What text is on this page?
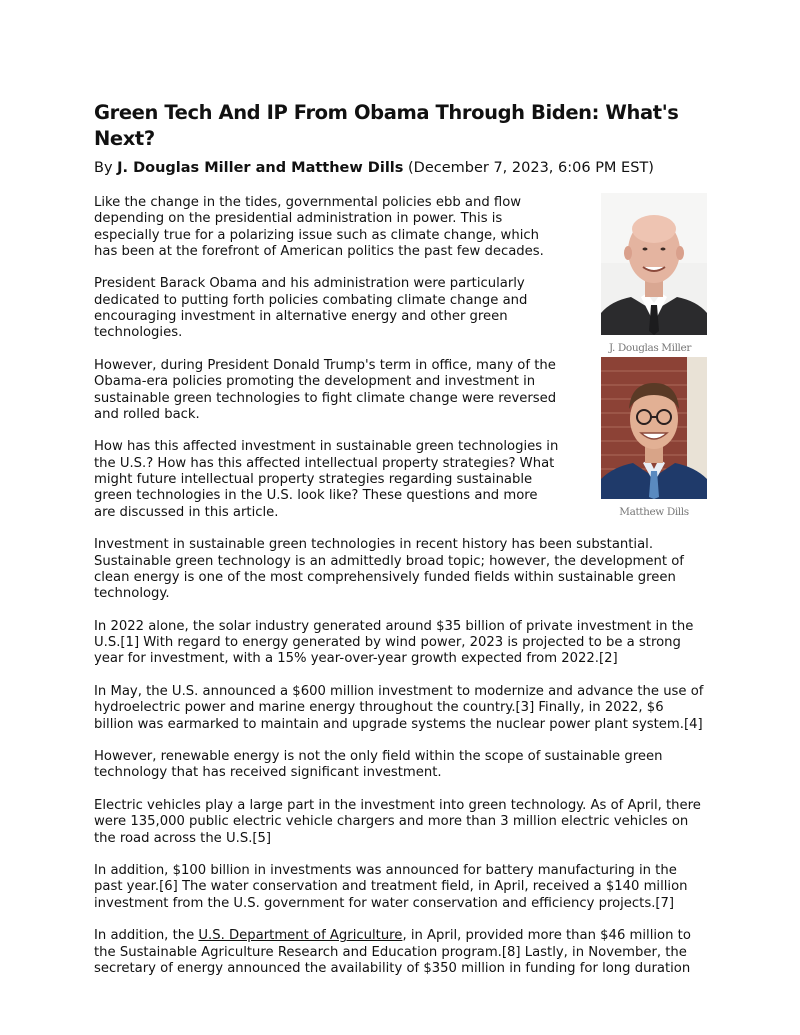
Green Tech And IP From Obama Through Biden: What's Next?
By J. Douglas Miller and Matthew Dills (December 7, 2023, 6:06 PM EST)
J. Douglas Miller
Matthew Dills

Like the change in the tides, governmental policies ebb and flow depending on the presidential administration in power. This is especially true for a polarizing issue such as climate change, which has been at the forefront of American politics the past few decades.

President Barack Obama and his administration were particularly dedicated to putting forth policies combating climate change and encouraging investment in alternative energy and other green technologies.

However, during President Donald Trump's term in office, many of the Obama-era policies promoting the development and investment in sustainable green technologies to fight climate change were reversed and rolled back.

How has this affected investment in sustainable green technologies in the U.S.? How has this affected intellectual property strategies? What might future intellectual property strategies regarding sustainable green technologies in the U.S. look like? These questions and more are discussed in this article.

Investment in sustainable green technologies in recent history has been substantial. Sustainable green technology is an admittedly broad topic; however, the development of clean energy is one of the most comprehensively funded fields within sustainable green technology.

In 2022 alone, the solar industry generated around $35 billion of private investment in the U.S.[1] With regard to energy generated by wind power, 2023 is projected to be a strong year for investment, with a 15% year-over-year growth expected from 2022.[2]

In May, the U.S. announced a $600 million investment to modernize and advance the use of hydroelectric power and marine energy throughout the country.[3] Finally, in 2022, $6 billion was earmarked to maintain and upgrade systems the nuclear power plant system.[4]

However, renewable energy is not the only field within the scope of sustainable green technology that has received significant investment.

Electric vehicles play a large part in the investment into green technology. As of April, there were 135,000 public electric vehicle chargers and more than 3 million electric vehicles on the road across the U.S.[5]

In addition, $100 billion in investments was announced for battery manufacturing in the past year.[6] The water conservation and treatment field, in April, received a $140 million investment from the U.S. government for water conservation and efficiency projects.[7]

In addition, the U.S. Department of Agriculture, in April, provided more than $46 million to the Sustainable Agriculture Research and Education program.[8] Lastly, in November, the secretary of energy announced the availability of $350 million in funding for long duration
